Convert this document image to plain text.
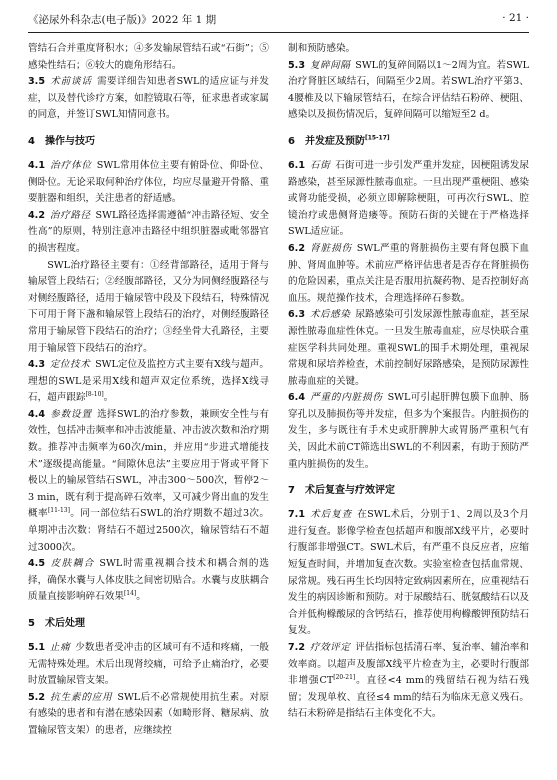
《泌尿外科杂志(电子版)》2022 年 1 期	· 21 ·

管结石合并重度肾积水；④多发输尿管结石或“石街”；⑤感染性结石；⑥较大的鹿角形结石。

3.5  术前谈话  需要详细告知患者SWL的适应证与并发症，以及替代诊疗方案，如腔镜取石等，征求患者或家属的同意，并签订SWL知情同意书。

4　操作与技巧

4.1  治疗体位  SWL常用体位主要有俯卧位、仰卧位、侧卧位。无论采取何种治疗体位，均应尽量避开骨骼、重要脏器和组织，关注患者的舒适感。

4.2  治疗路径  SWL路径选择需遵循“冲击路径短、安全性高”的原则，特别注意冲击路径中组织脏器或毗邻器官的损害程度。

SWL治疗路径主要有：①经背部路径，适用于肾与输尿管上段结石；②经腹部路径，又分为同侧经腹路径与对侧经腹路径，适用于输尿管中段及下段结石，特殊情况下可用于肾下盏和输尿管上段结石的治疗，对侧经腹路径常用于输尿管下段结石的治疗；③经坐骨大孔路径，主要用于输尿管下段结石的治疗。

4.3  定位技术  SWL定位及监控方式主要有X线与超声。理想的SWL是采用X线和超声双定位系统，选择X线寻石，超声跟踪[8-10]。

4.4  参数设置  选择SWL的治疗参数，兼顾安全性与有效性，包括冲击频率和冲击波能量、冲击波次数和治疗期数。推荐冲击频率为60次/min，并应用“步进式增能技术”逐级提高能量。“间隙休息法”主要应用于肾或平肾下极以上的输尿管结石SWL，冲击300～500次，暂停2～3 min，既有利于提高碎石效率，又可减少肾出血的发生概率[11-13]。同一部位结石SWL的治疗期数不超过3次。单期冲击次数：肾结石不超过2500次，输尿管结石不超过3000次。

4.5  皮肤耦合  SWL时需重视耦合技术和耦合剂的选择，确保水囊与人体皮肤之间密切贴合。水囊与皮肤耦合质量直接影响碎石效果[14]。

5　术后处理

5.1  止痛  少数患者受冲击的区域可有不适和疼痛，一般无需特殊处理。术后出现肾绞痛，可给予止痛治疗，必要时放置输尿管支架。

5.2  抗生素的应用  SWL后不必常规使用抗生素。对原有感染的患者和有潜在感染因素（如畸形肾、糖尿病、放置输尿管支架）的患者，应继续控

制和预防感染。

5.3  复碎间隔  SWL的复碎间隔以1～2周为宜。若SWL治疗肾脏区域结石，间隔至少2周。若SWL治疗平第3、4腰椎及以下输尿管结石，在综合评估结石粉碎、梗阻、感染以及损伤情况后，复碎间隔可以缩短至2 d。

6　并发症及预防[15-17]

6.1  石街  石街可进一步引发严重并发症，因梗阻诱发尿路感染，甚至尿源性脓毒血症。一旦出现严重梗阻、感染或肾功能受损，必须立即解除梗阻，可再次行SWL、腔镜治疗或患侧肾造瘘等。预防石街的关键在于严格选择SWL适应证。

6.2  肾脏损伤  SWL严重的肾脏损伤主要有肾包膜下血肿、肾周血肿等。术前应严格评估患者是否存在肾脏损伤的危险因素，重点关注是否服用抗凝药物、是否控制好高血压。规范操作技术，合理选择碎石参数。

6.3  术后感染  尿路感染可引发尿源性脓毒血症，甚至尿源性脓毒血症性休克。一旦发生脓毒血症，应尽快联合重症医学科共同处理。重视SWL的围手术期处理，重视尿常规和尿培养检查，术前控制好尿路感染，是预防尿源性脓毒血症的关键。

6.4  严重的内脏损伤  SWL可引起肝脾包膜下血肿、肠穿孔以及肺损伤等并发症，但多为个案报告。内脏损伤的发生，多与既往有手术史或肝脾肿大或胃肠严重积气有关，因此术前CT筛选出SWL的不利因素，有助于预防严重内脏损伤的发生。

7　术后复查与疗效评定

7.1  术后复查  在SWL术后，分别于1、2周以及3个月进行复查。影像学检查包括超声和腹部X线平片，必要时行腹部非增强CT。SWL术后，有严重不良反应者，应缩短复查时间，并增加复查次数。实验室检查包括血常规、尿常规。残石再生长均因特定致病因素所在，应重视结石发生的病因诊断和预防。对于尿酸结石、胱氨酸结石以及合并低枸橼酸尿的含钙结石，推荐使用枸橼酸钾预防结石复发。

7.2  疗效评定  评估指标包括清石率、复治率、辅治率和效率商。以超声及腹部X线平片检查为主，必要时行腹部非增强CT[20-21]。直径<4 mm的残留结石视为结石残留；发现单枚、直径≤4 mm的结石为临床无意义残石。结石未粉碎是指结石主体变化不大。
